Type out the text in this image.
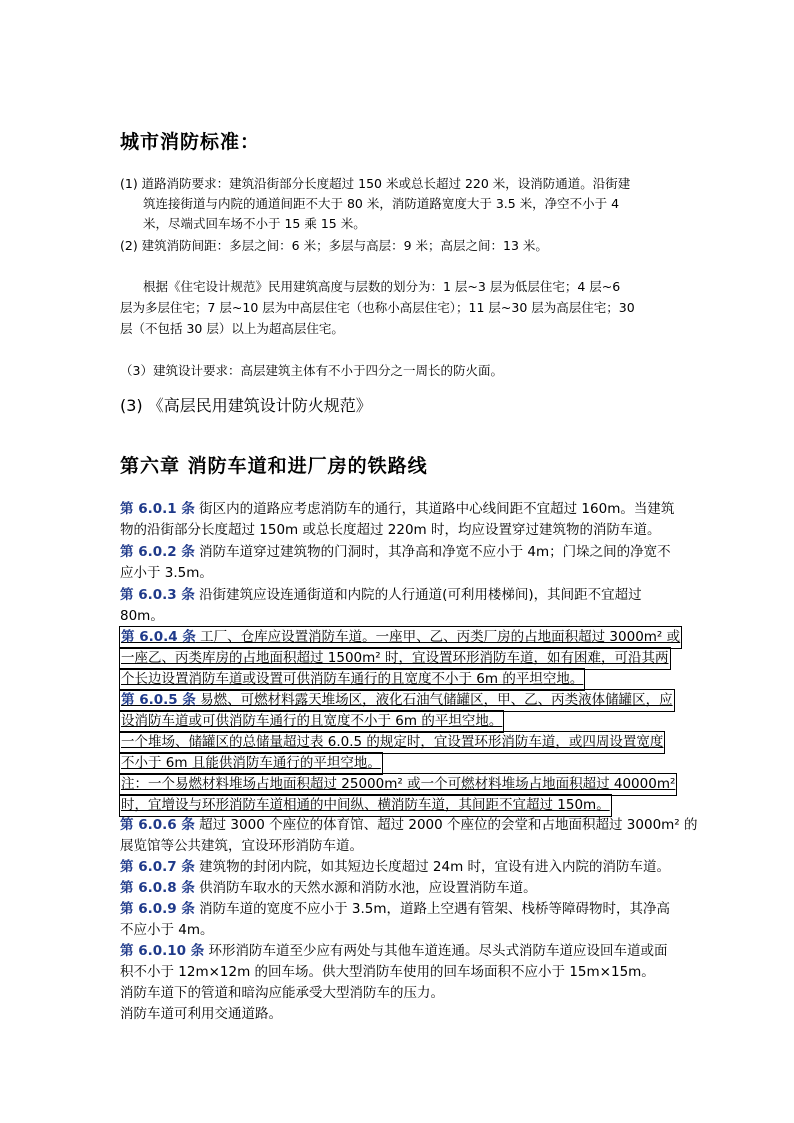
城市消防标准：
(1) 道路消防要求：建筑沿街部分长度超过 150 米或总长超过 220 米，设消防通道。沿街建
筑连接街道与内院的通道间距不大于 80 米，消防道路宽度大于 3.5 米，净空不小于 4
米，尽端式回车场不小于 15 乘 15 米。
(2) 建筑消防间距：多层之间：6 米；多层与高层：9 米；高层之间：13 米。
根据《住宅设计规范》民用建筑高度与层数的划分为：1 层~3 层为低层住宅；4 层~6
层为多层住宅；7 层~10 层为中高层住宅（也称小高层住宅）；11 层~30 层为高层住宅；30
层（不包括 30 层）以上为超高层住宅。
（3）建筑设计要求：高层建筑主体有不小于四分之一周长的防火面。
(3) 《高层民用建筑设计防火规范》
第六章 消防车道和进厂房的铁路线
第 6.0.1 条 街区内的道路应考虑消防车的通行，其道路中心线间距不宜超过 160m。当建筑
物的沿街部分长度超过 150m 或总长度超过 220m 时，均应设置穿过建筑物的消防车道。
第 6.0.2 条 消防车道穿过建筑物的门洞时，其净高和净宽不应小于 4m；门垛之间的净宽不
应小于 3.5m。
第 6.0.3 条 沿街建筑应设连通街道和内院的人行通道(可利用楼梯间)，其间距不宜超过
80m。
第 6.0.4 条 工厂、仓库应设置消防车道。一座甲、乙、丙类厂房的占地面积超过 3000m² 或
一座乙、丙类库房的占地面积超过 1500m² 时，宜设置环形消防车道，如有困难，可沿其两
个长边设置消防车道或设置可供消防车通行的且宽度不小于 6m 的平坦空地。
第 6.0.5 条 易燃、可燃材料露天堆场区，液化石油气储罐区，甲、乙、丙类液体储罐区，应
设消防车道或可供消防车通行的且宽度不小于 6m 的平坦空地。
一个堆场、储罐区的总储量超过表 6.0.5 的规定时，宜设置环形消防车道，或四周设置宽度
不小于 6m 且能供消防车通行的平坦空地。
注：一个易燃材料堆场占地面积超过 25000m² 或一个可燃材料堆场占地面积超过 40000m²
时，宜增设与环形消防车道相通的中间纵、横消防车道，其间距不宜超过 150m。
第 6.0.6 条 超过 3000 个座位的体育馆、超过 2000 个座位的会堂和占地面积超过 3000m² 的
展览馆等公共建筑，宜设环形消防车道。
第 6.0.7 条 建筑物的封闭内院，如其短边长度超过 24m 时，宜设有进入内院的消防车道。
第 6.0.8 条 供消防车取水的天然水源和消防水池，应设置消防车道。
第 6.0.9 条 消防车道的宽度不应小于 3.5m，道路上空遇有管架、栈桥等障碍物时，其净高
不应小于 4m。
第 6.0.10 条 环形消防车道至少应有两处与其他车道连通。尽头式消防车道应设回车道或面
积不小于 12m×12m 的回车场。供大型消防车使用的回车场面积不应小于 15m×15m。
消防车道下的管道和暗沟应能承受大型消防车的压力。
消防车道可利用交通道路。
